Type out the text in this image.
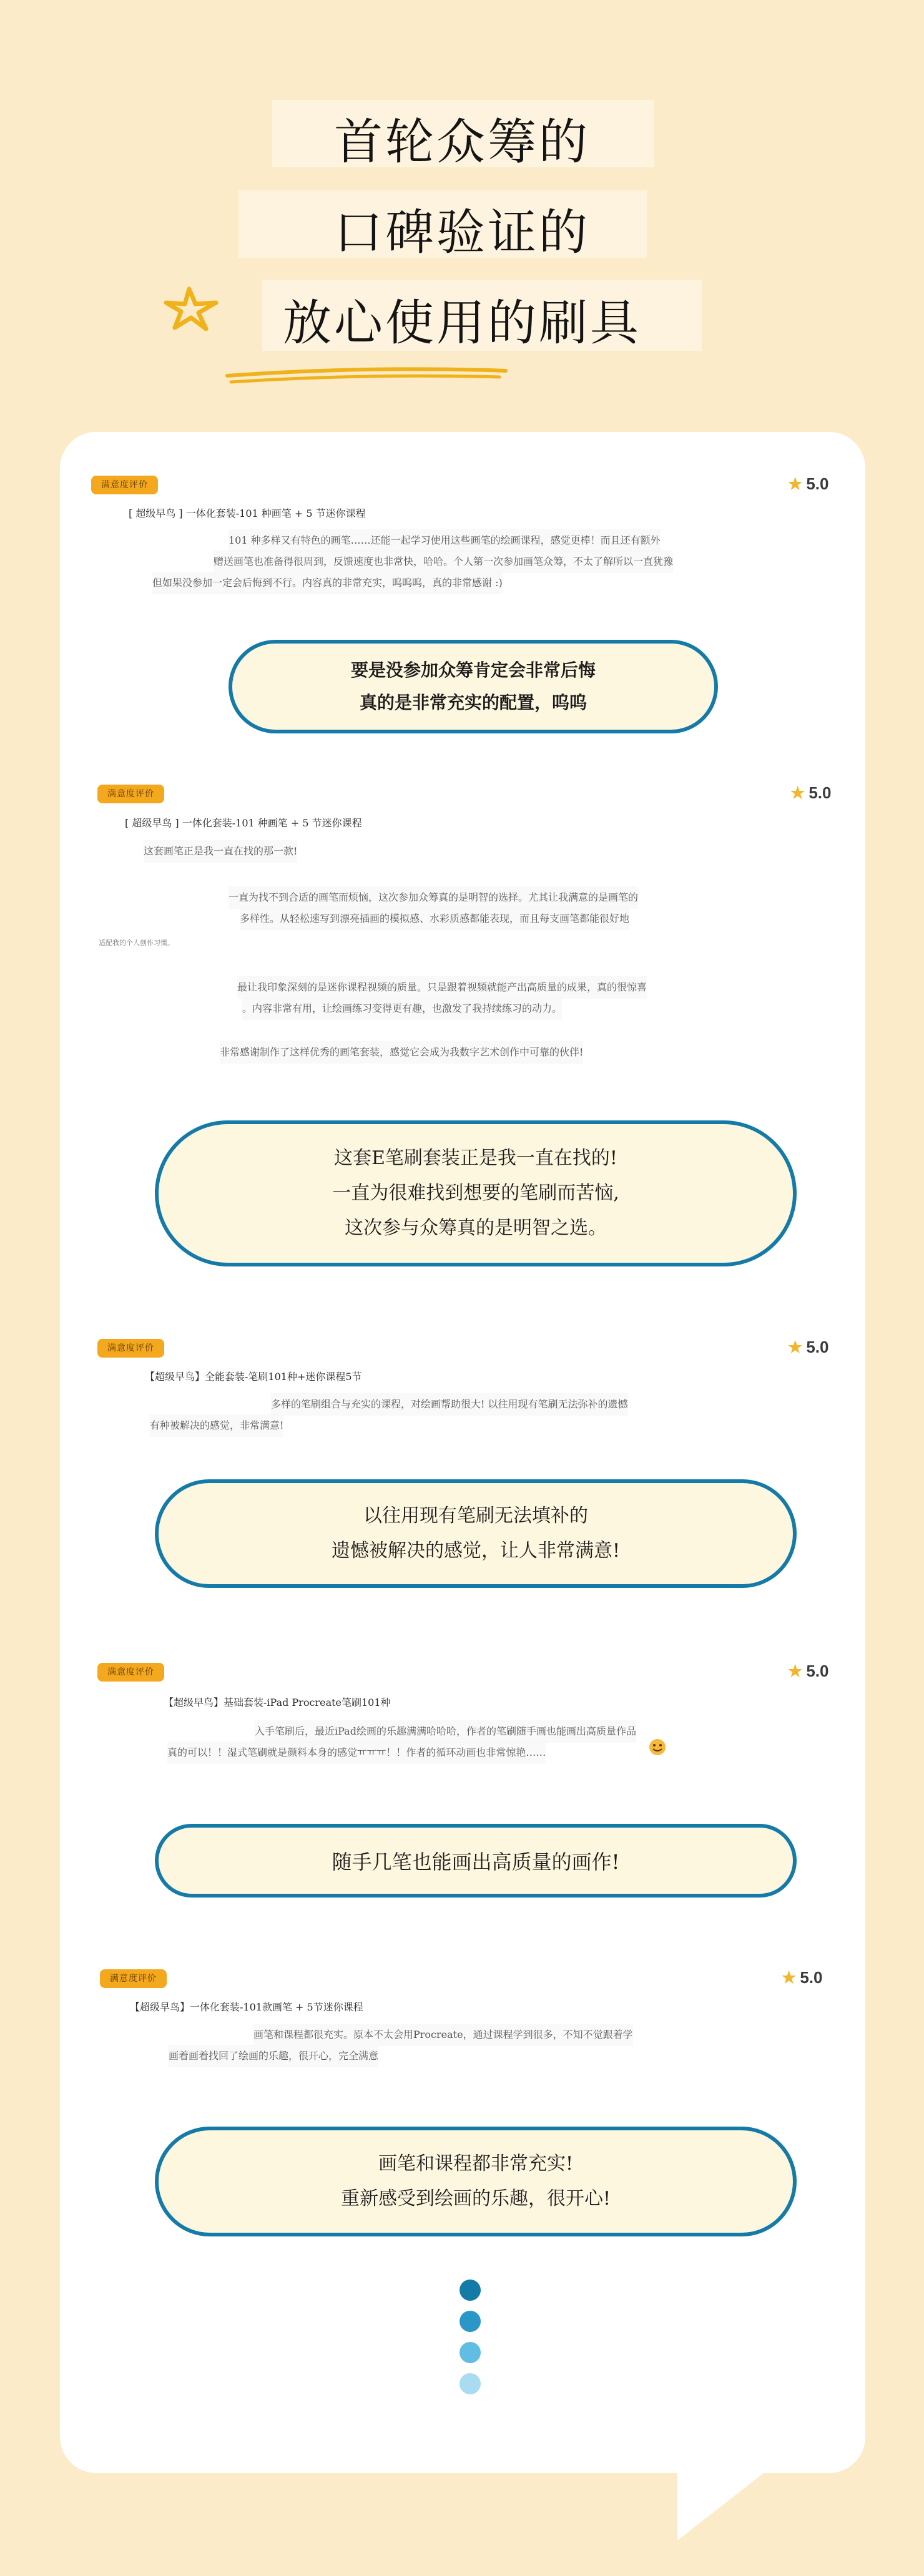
首轮众筹的
口碑验证的
放心使用的刷具
满意度评价	★ 5.0
[ 超级早鸟 ] 一体化套装-101 种画笔 + 5 节迷你课程
101 种多样又有特色的画笔……还能一起学习使用这些画笔的绘画课程，感觉更棒！而且还有额外
赠送画笔也准备得很周到，反馈速度也非常快，哈哈。个人第一次参加画笔众筹，不太了解所以一直犹豫
但如果没参加一定会后悔到不行。内容真的非常充实，呜呜呜，真的非常感谢 :)
要是没参加众筹肯定会非常后悔
真的是非常充实的配置，呜呜
满意度评价	★ 5.0
[ 超级早鸟 ] 一体化套装-101 种画笔 + 5 节迷你课程
这套画笔正是我一直在找的那一款!
一直为找不到合适的画笔而烦恼，这次参加众筹真的是明智的选择。尤其让我满意的是画笔的
多样性。从轻松速写到漂亮插画的模拟感、水彩质感都能表现，而且每支画笔都能很好地
适配我的个人创作习惯。
最让我印象深刻的是迷你课程视频的质量。只是跟着视频就能产出高质量的成果，真的很惊喜
。内容非常有用，让绘画练习变得更有趣，也激发了我持续练习的动力。
非常感谢制作了这样优秀的画笔套装，感觉它会成为我数字艺术创作中可靠的伙伴!
这套E笔刷套装正是我一直在找的!
一直为很难找到想要的笔刷而苦恼,
这次参与众筹真的是明智之选。
满意度评价	★ 5.0
【超级早鸟】全能套装-笔刷101种+迷你课程5节
多样的笔刷组合与充实的课程，对绘画帮助很大! 以往用现有笔刷无法弥补的遗憾
有种被解决的感觉，非常满意!
以往用现有笔刷无法填补的
遗憾被解决的感觉，让人非常满意!
满意度评价	★ 5.0
【超级早鸟】基础套装-iPad Procreate笔刷101种
入手笔刷后，最近iPad绘画的乐趣满满哈哈哈，作者的笔刷随手画也能画出高质量作品
真的可以！！湿式笔刷就是颜料本身的感觉ㅠㅠㅠ！！作者的循环动画也非常惊艳……
随手几笔也能画出高质量的画作!
满意度评价	★ 5.0
【超级早鸟】一体化套装-101款画笔 + 5节迷你课程
画笔和课程都很充实。原本不太会用Procreate，通过课程学到很多，不知不觉跟着学
画着画着找回了绘画的乐趣，很开心，完全满意
画笔和课程都非常充实!
重新感受到绘画的乐趣，很开心!
